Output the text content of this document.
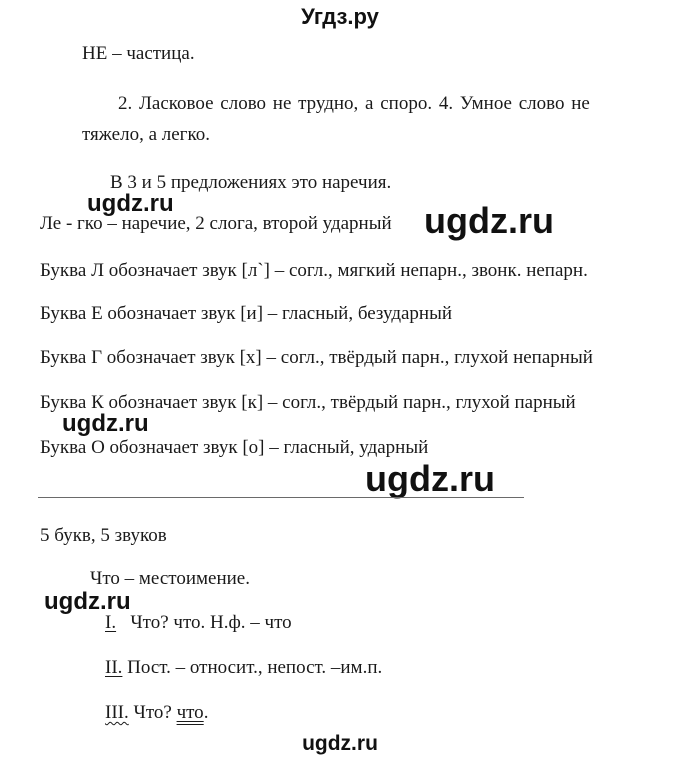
Угдз.ру
НЕ – частица.
2. Ласковое слово не трудно, а спорo. 4. Умное слово не
тяжело, а легко.
В 3 и 5 предложениях это наречия.
ugdz.ru
Ле - гко – наречие, 2 слога, второй ударный ugdz.ru
Буква Л обозначает звук [л`] – согл., мягкий непарн., звонк. непарн.
Буква Е обозначает звук [и] – гласный, безударный
Буква Г обозначает звук [х] – согл., твёрдый парн., глухой непарный
Буква К обозначает звук [к] – согл., твёрдый парн., глухой парный
ugdz.ru
Буква О обозначает звук [о] – гласный, ударный
ugdz.ru
5 букв, 5 звуков
Что – местоимение.
ugdz.ru
I. Что? что. Н.ф. – что
II. Пост. – относит., непост. –им.п.
III. Что? что.
ugdz.ru
